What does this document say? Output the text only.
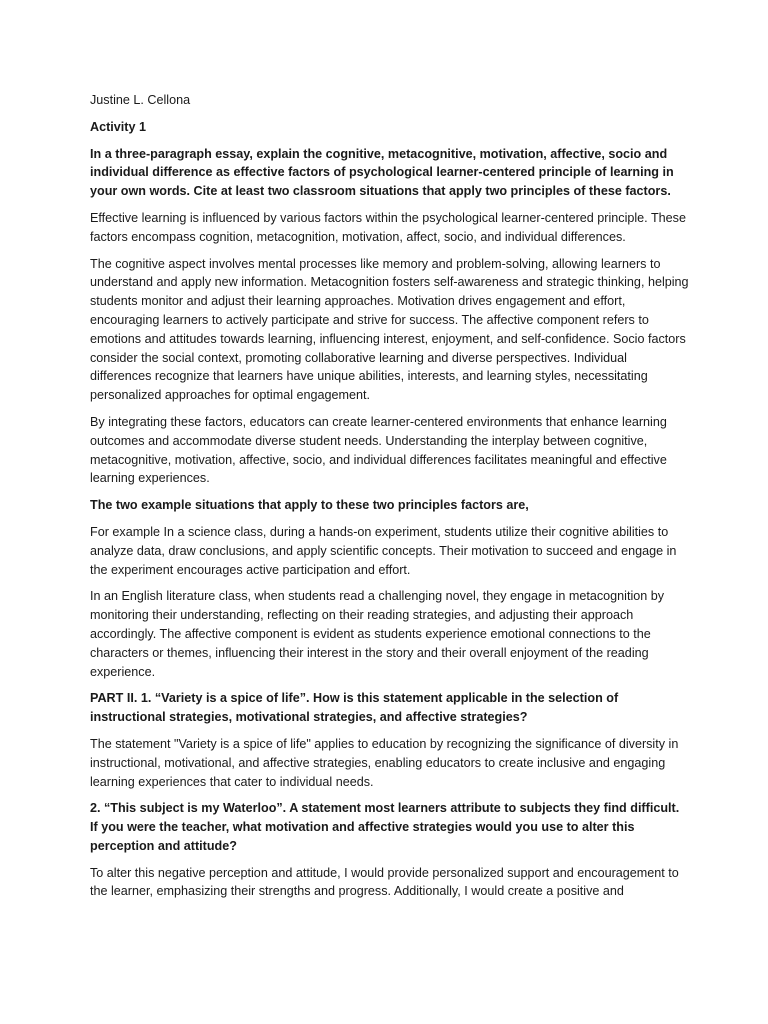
Justine L. Cellona

Activity 1

In a three-paragraph essay, explain the cognitive, metacognitive, motivation, affective, socio and individual difference as effective factors of psychological learner-centered principle of learning in your own words. Cite at least two classroom situations that apply two principles of these factors.

Effective learning is influenced by various factors within the psychological learner-centered principle. These factors encompass cognition, metacognition, motivation, affect, socio, and individual differences.

The cognitive aspect involves mental processes like memory and problem-solving, allowing learners to understand and apply new information. Metacognition fosters self-awareness and strategic thinking, helping students monitor and adjust their learning approaches. Motivation drives engagement and effort, encouraging learners to actively participate and strive for success. The affective component refers to emotions and attitudes towards learning, influencing interest, enjoyment, and self-confidence. Socio factors consider the social context, promoting collaborative learning and diverse perspectives. Individual differences recognize that learners have unique abilities, interests, and learning styles, necessitating personalized approaches for optimal engagement.

By integrating these factors, educators can create learner-centered environments that enhance learning outcomes and accommodate diverse student needs. Understanding the interplay between cognitive, metacognitive, motivation, affective, socio, and individual differences facilitates meaningful and effective learning experiences.

The two example situations that apply to these two principles factors are,

For example In a science class, during a hands-on experiment, students utilize their cognitive abilities to analyze data, draw conclusions, and apply scientific concepts. Their motivation to succeed and engage in the experiment encourages active participation and effort.

In an English literature class, when students read a challenging novel, they engage in metacognition by monitoring their understanding, reflecting on their reading strategies, and adjusting their approach accordingly. The affective component is evident as students experience emotional connections to the characters or themes, influencing their interest in the story and their overall enjoyment of the reading experience.

PART II. 1. “Variety is a spice of life”. How is this statement applicable in the selection of instructional strategies, motivational strategies, and affective strategies?

The statement "Variety is a spice of life" applies to education by recognizing the significance of diversity in instructional, motivational, and affective strategies, enabling educators to create inclusive and engaging learning experiences that cater to individual needs.

2. “This subject is my Waterloo”. A statement most learners attribute to subjects they find difficult. If you were the teacher, what motivation and affective strategies would you use to alter this perception and attitude?

To alter this negative perception and attitude, I would provide personalized support and encouragement to the learner, emphasizing their strengths and progress. Additionally, I would create a positive and
